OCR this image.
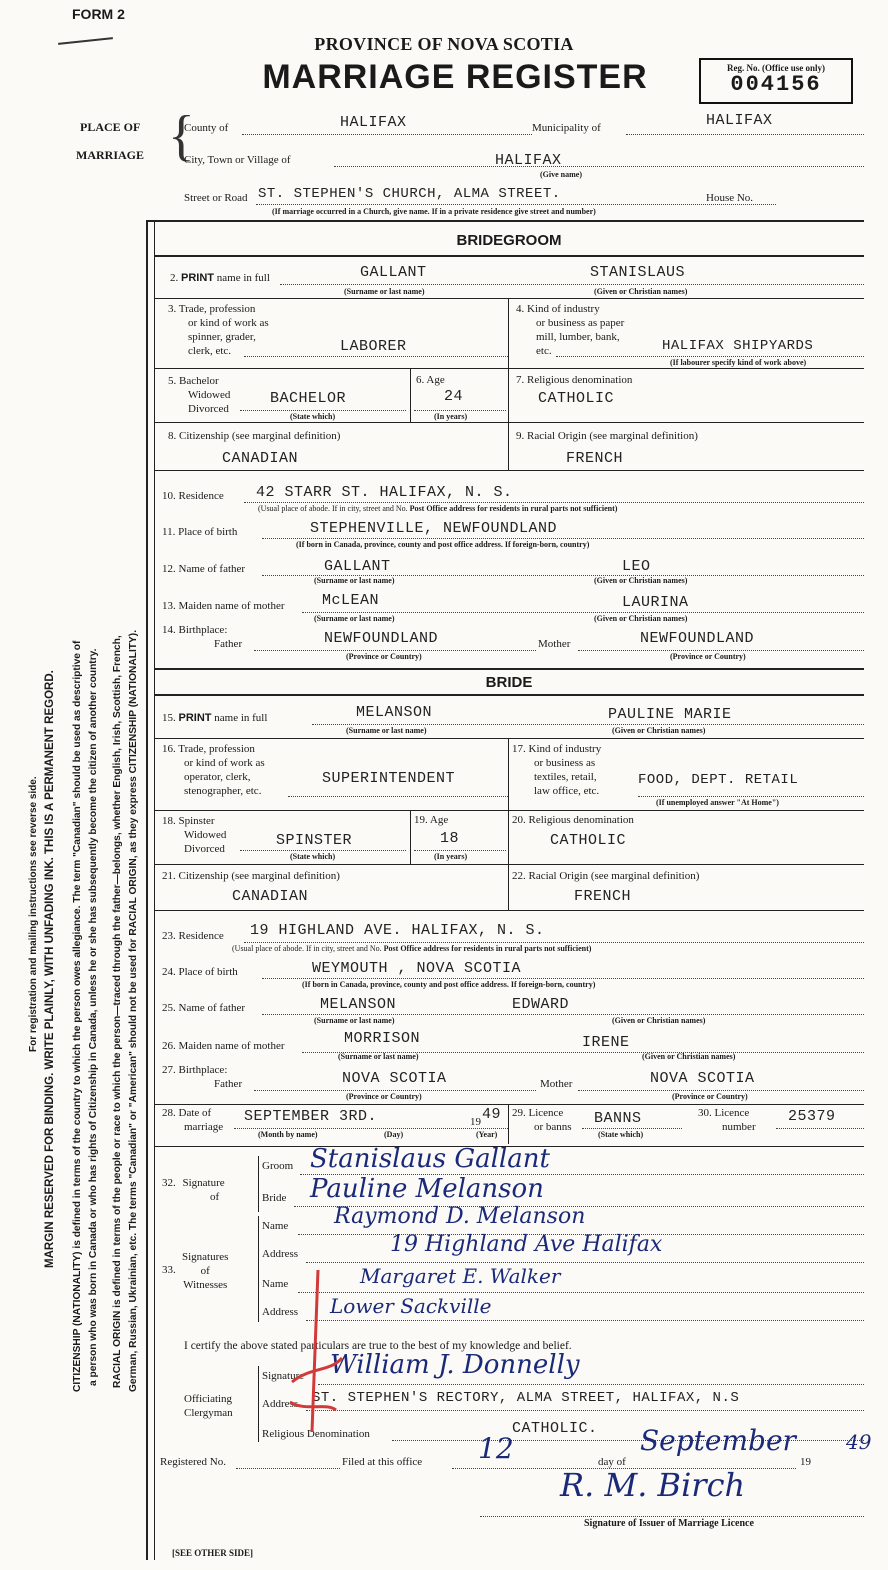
FORM 2
PROVINCE OF NOVA SCOTIA
MARRIAGE REGISTER	Reg. No. (Office use only)
004156
PLACE OF
MARRIAGE {
County of	HALIFAX	Municipality of	HALIFAX
City, Town or Village of	HALIFAX
(Give name)
Street or Road ST. STEPHEN'S CHURCH, ALMA STREET.	House No.
(If marriage occurred in a Church, give name. If in a private residence give street and number)
For registration and mailing instructions see reverse side. MARGIN RESERVED FOR BINDING. WRITE PLAINLY, WITH UNFADING INK. THIS IS A PERMANENT REGORD. CITIZENSHIP (NATIONALITY) is defined in terms of the country to which the person owes allegiance. The term "Canadian" should be used as descriptive of a person who was born in Canada or who has rights of Citizenship in Canada, unless he or she has subsequently become the citizen of another country. RACIAL ORIGIN is defined in terms of the people or race to which the person—traced through the father—belongs, whether English, Irish, Scottish, French, German, Russian, Ukrainian, etc. The terms "Canadian" or "American" should not be used for RACIAL ORIGIN, as they express CITIZENSHIP (NATIONALITY).
BRIDEGROOM
2. PRINT name in full	GALLANT	STANISLAUS
(Surname or last name)	(Given or Christian names)
3. Trade, profession
or kind of work as
spinner, grader,
clerk, etc.	LABORER
4. Kind of industry
or business as paper
mill, lumber, bank,
etc.	HALIFAX SHIPYARDS
(If labourer specify kind of work above)
5. Bachelor
Widowed
Divorced
BACHELOR
(State which)
6. Age
24
(In years)
7. Religious denomination
CATHOLIC
8. Citizenship (see marginal definition)
CANADIAN
9. Racial Origin (see marginal definition)
FRENCH
10. Residence 42 STARR ST. HALIFAX, N. S.
(Usual place of abode. If in city, street and No. Post Office address for residents in rural parts not sufficient)
11. Place of birth	STEPHENVILLE, NEWFOUNDLAND
(If born in Canada, province, county and post office address. If foreign-born, country)
12. Name of father	GALLANT	LEO
(Surname or last name)	(Given or Christian names)
13. Maiden name of mother	McLEAN	LAURINA
(Surname or last name)	(Given or Christian names)
14. Birthplace:
Father	NEWFOUNDLAND
(Province or Country)
Mother	NEWFOUNDLAND
(Province or Country)
BRIDE
15. PRINT name in full	MELANSON	PAULINE MARIE
(Surname or last name)	(Given or Christian names)
16. Trade, profession
or kind of work as
operator, clerk,
stenographer, etc.
SUPERINTENDENT
17. Kind of industry
or business as
textiles, retail,
law office, etc.
FOOD, DEPT. RETAIL
(If unemployed answer "At Home")
18. Spinster
Widowed
Divorced	SPINSTER
(State which)
19. Age
18
(In years)
20. Religious denomination
CATHOLIC
21. Citizenship (see marginal definition)
CANADIAN
22. Racial Origin (see marginal definition)
FRENCH
23. Residence 19 HIGHLAND AVE. HALIFAX, N. S.
(Usual place of abode. If in city, street and No. Post Office address for residents in rural parts not sufficient)
24. Place of birth	WEYMOUTH , NOVA SCOTIA
(If born in Canada, province, county and post office address. If foreign-born, country)
25. Name of father	MELANSON	EDWARD
(Surname or last name)	(Given or Christian names)
26. Maiden name of mother	MORRISON	IRENE
(Surname or last name)	(Given or Christian names)
27. Birthplace:
Father	NOVA SCOTIA
(Province or Country)
Mother	NOVA SCOTIA
(Province or Country)
28. Date of
marriage
SEPTEMBER 3RD.	19 49
(Month by name)	(Day)	(Year)
29. Licence
or banns BANNS
(State which)
30. Licence
number
25379
32. Signature
of
Groom Stanislaus Gallant
Bride Pauline Melanson
33.
Signatures
of
Witnesses
Name Raymond D. Melanson
Address	19 Highland Ave Halifax
Name	Margaret E. Walker
Address Lower Sackville
I certify the above stated particulars are true to the best of my knowledge and belief.
Officiating
Clergyman
Signature William J. Donnelly
Address ST. STEPHEN'S RECTORY, ALMA STREET, HALIFAX, N.S
Religious Denomination	CATHOLIC.
Registered No.	Filed at this office 12	day of
September
19
49
R. M. Birch
Signature of Issuer of Marriage Licence
[SEE OTHER SIDE]
